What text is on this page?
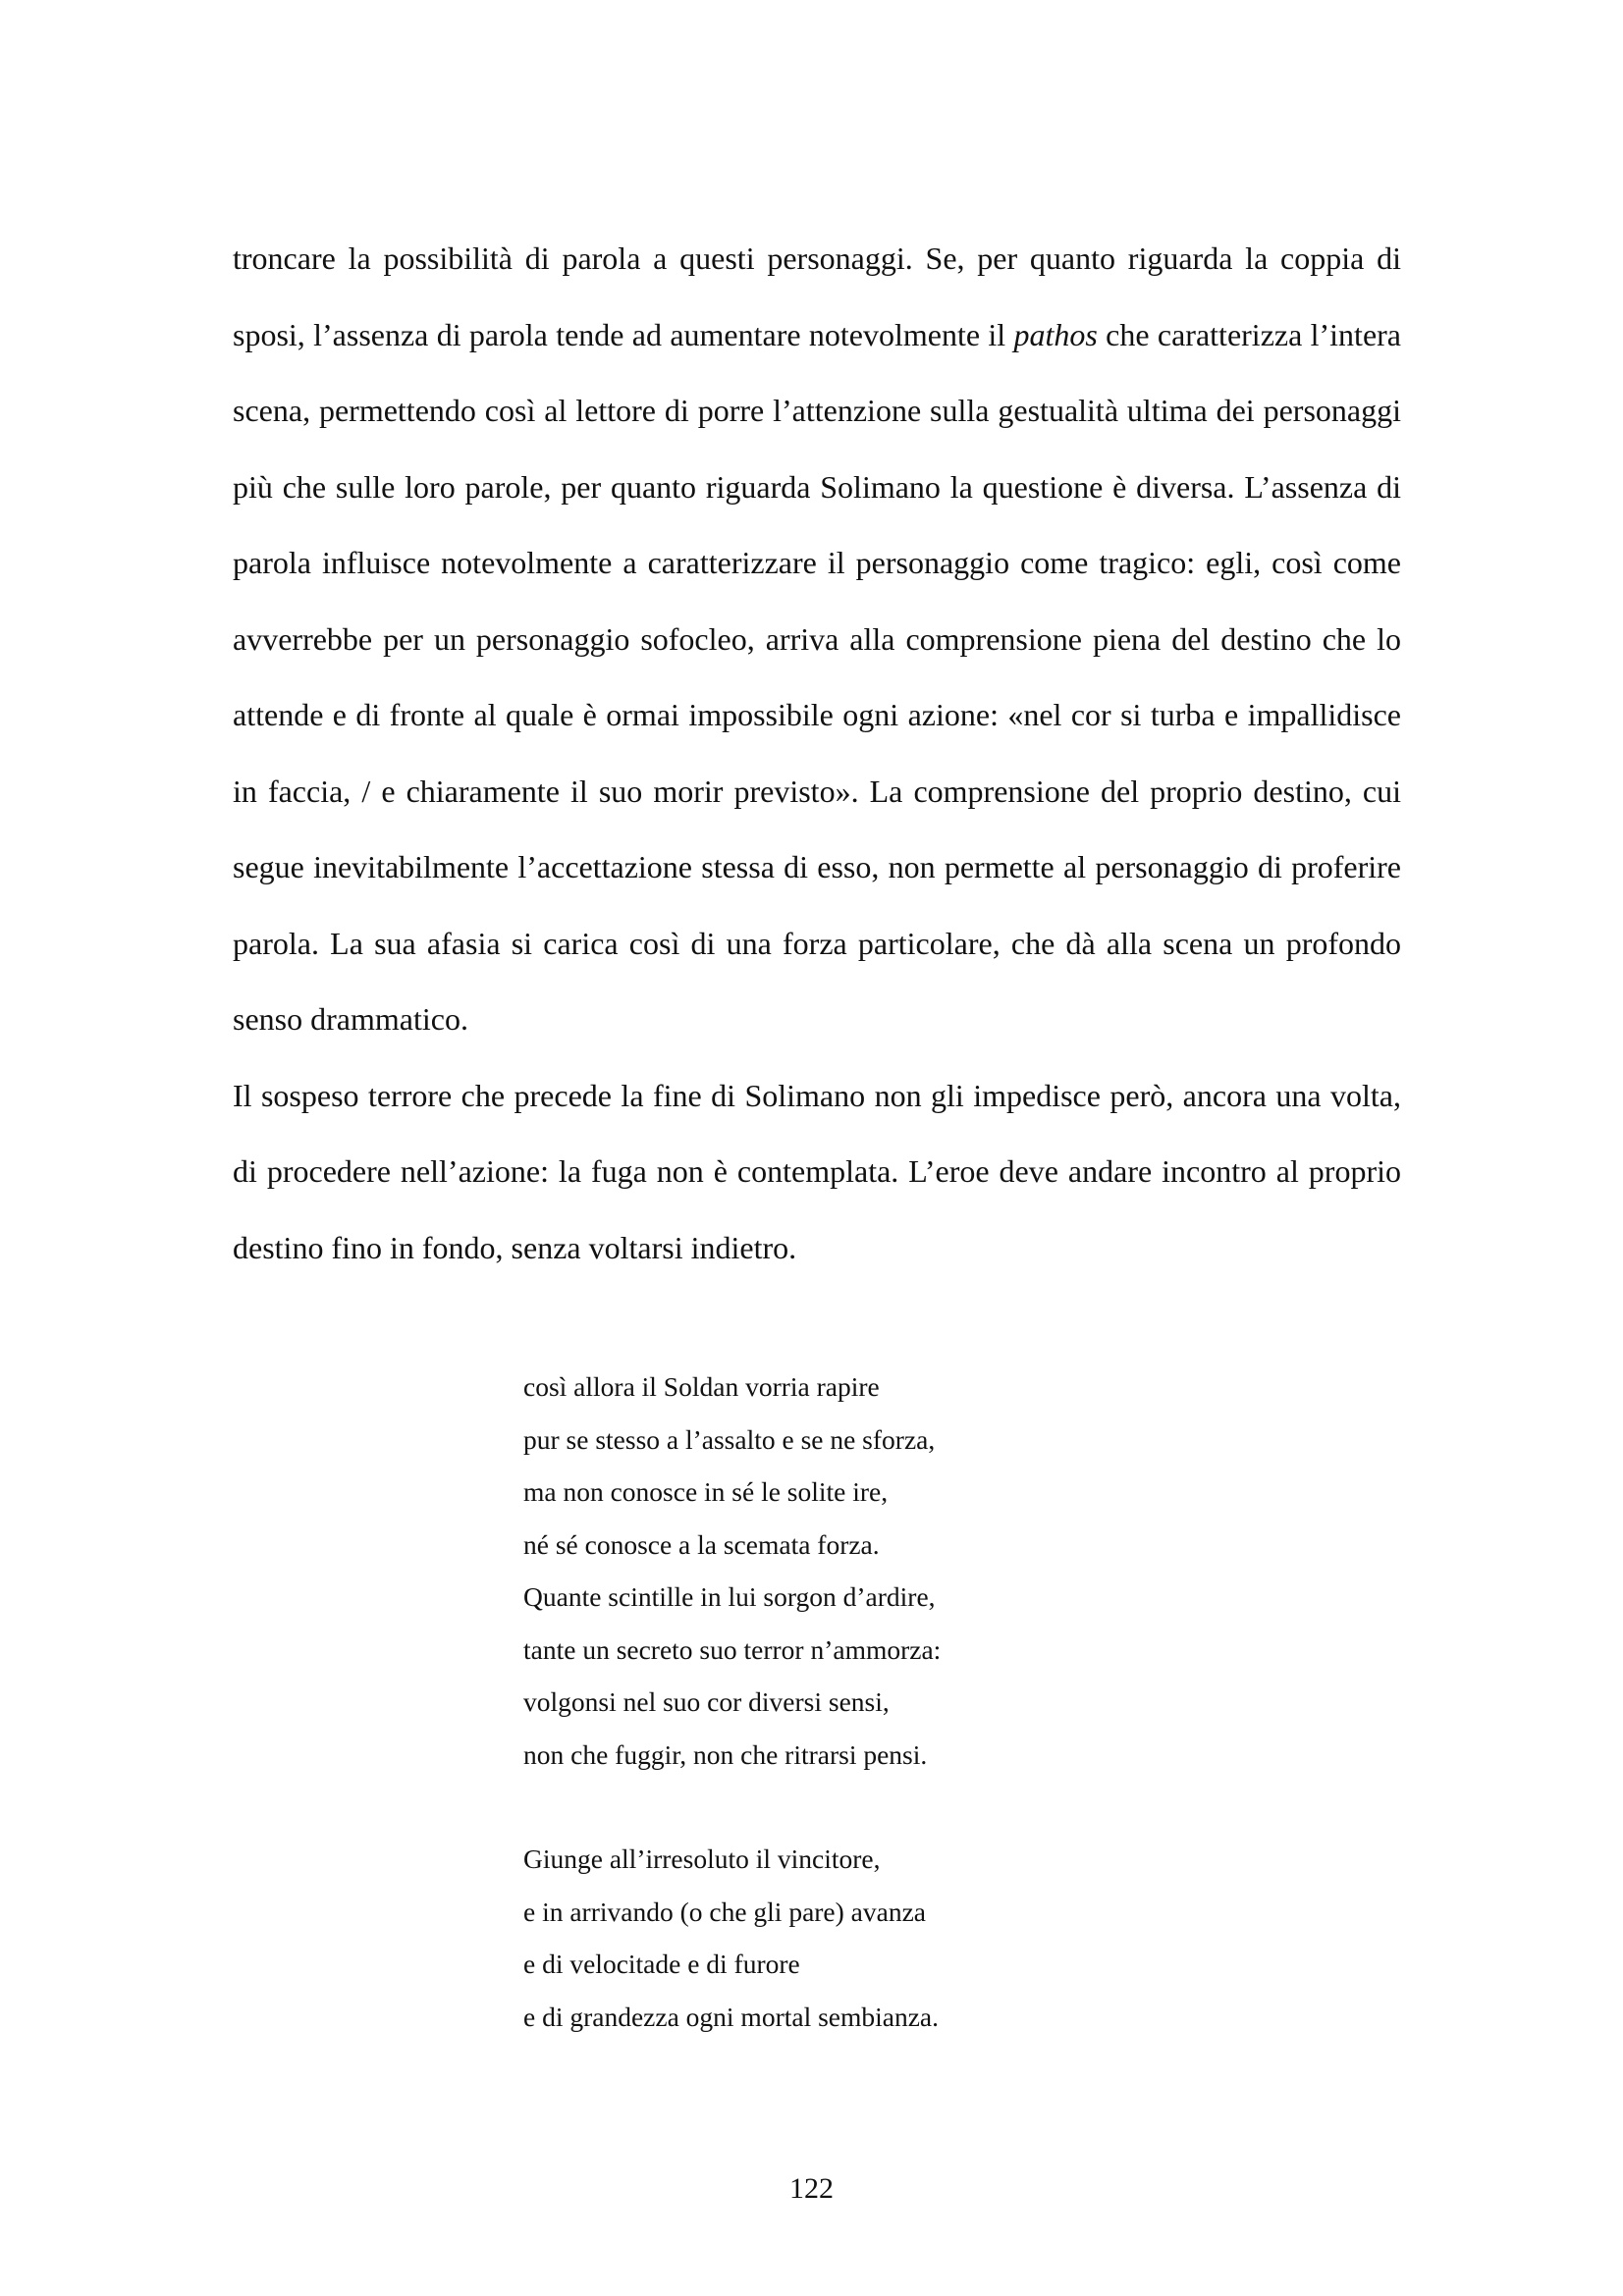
troncare la possibilità di parola a questi personaggi. Se, per quanto riguarda la coppia di sposi, l’assenza di parola tende ad aumentare notevolmente il pathos che caratterizza l’intera scena, permettendo così al lettore di porre l’attenzione sulla gestualità ultima dei personaggi più che sulle loro parole, per quanto riguarda Solimano la questione è diversa. L’assenza di parola influisce notevolmente a caratterizzare il personaggio come tragico: egli, così come avverrebbe per un personaggio sofocleo, arriva alla comprensione piena del destino che lo attende e di fronte al quale è ormai impossibile ogni azione: «nel cor si turba e impallidisce in faccia, / e chiaramente il suo morir previsto». La comprensione del proprio destino, cui segue inevitabilmente l’accettazione stessa di esso, non permette al personaggio di proferire parola. La sua afasia si carica così di una forza particolare, che dà alla scena un profondo senso drammatico.

Il sospeso terrore che precede la fine di Solimano non gli impedisce però, ancora una volta, di procedere nell’azione: la fuga non è contemplata. L’eroe deve andare incontro al proprio destino fino in fondo, senza voltarsi indietro.

così allora il Soldan vorria rapire
pur se stesso a l’assalto e se ne sforza,
ma non conosce in sé le solite ire,
né sé conosce a la scemata forza.
Quante scintille in lui sorgon d’ardire,
tante un secreto suo terror n’ammorza:
volgonsi nel suo cor diversi sensi,
non che fuggir, non che ritrarsi pensi.
Giunge all’irresoluto il vincitore,
e in arrivando (o che gli pare) avanza
e di velocitade e di furore
e di grandezza ogni mortal sembianza.
122
